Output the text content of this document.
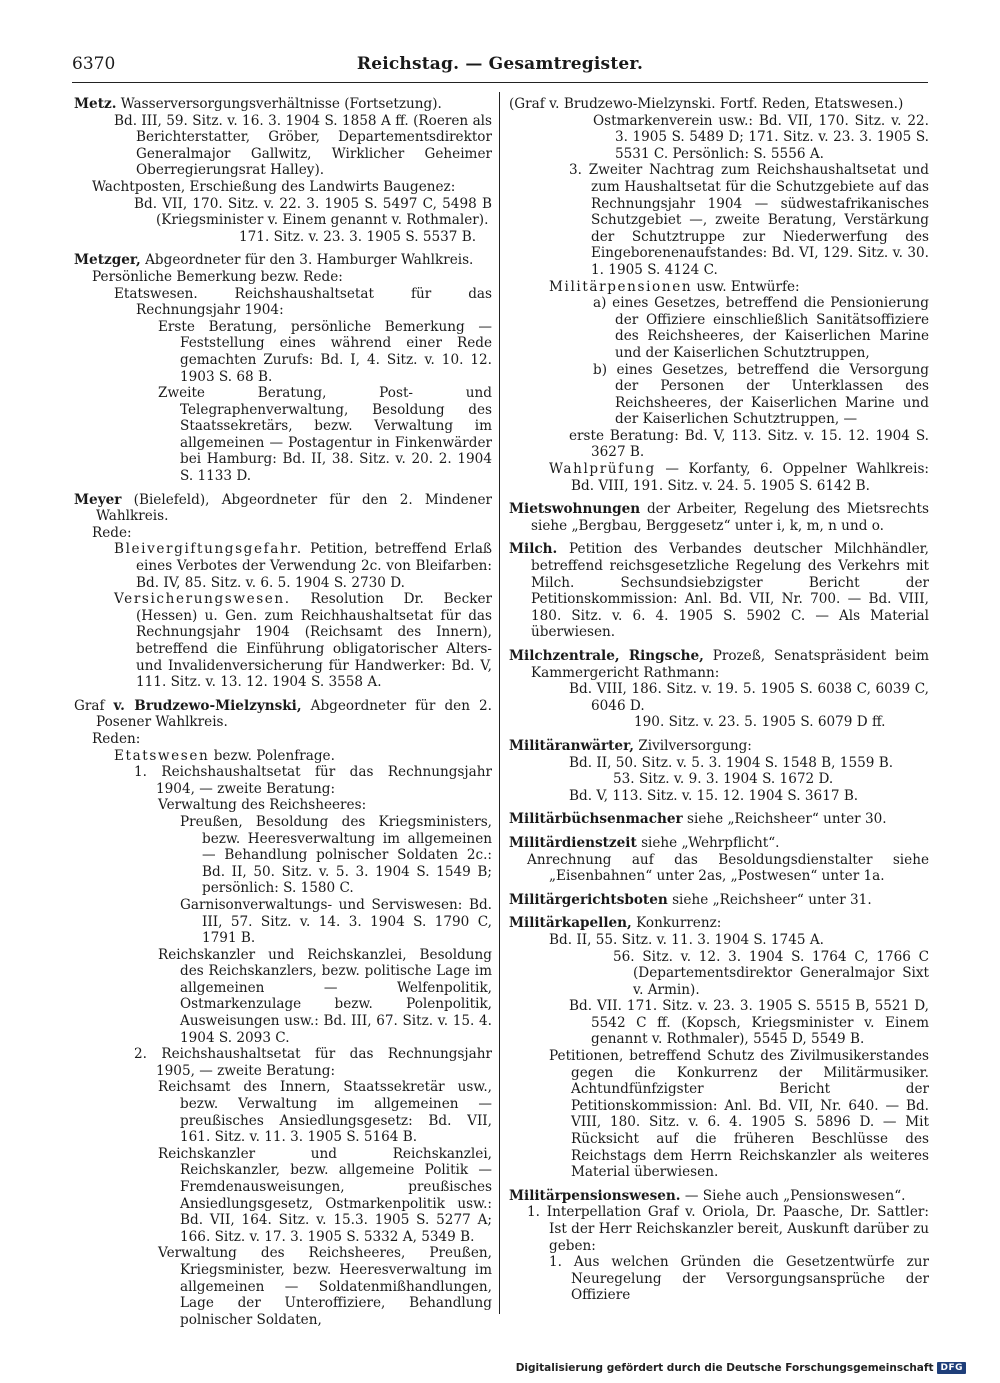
6370	Reichstag. — Gesamtregister.

Metz. Wasserversorgungsverhältnisse (Fortsetzung).

Bd. III, 59. Sitz. v. 16. 3. 1904 S. 1858 A ff. (Roeren als Berichterstatter, Gröber, Departementsdirektor Generalmajor Gallwitz, Wirklicher Geheimer Oberregierungsrat Halley).

Wachtposten, Erschießung des Landwirts Baugenez:

Bd. VII, 170. Sitz. v. 22. 3. 1905 S. 5497 C, 5498 B (Kriegsminister v. Einem genannt v. Rothmaler).

171. Sitz. v. 23. 3. 1905 S. 5537 B.

Metzger, Abgeordneter für den 3. Hamburger Wahlkreis.

Persönliche Bemerkung bezw. Rede:

Etatswesen. Reichshaushaltsetat für das Rechnungsjahr 1904:

Erste Beratung, persönliche Bemerkung — Feststellung eines während einer Rede gemachten Zurufs: Bd. I, 4. Sitz. v. 10. 12. 1903 S. 68 B.

Zweite Beratung, Post- und Telegraphenverwaltung, Besoldung des Staatssekretärs, bezw. Verwaltung im allgemeinen — Postagentur in Finkenwärder bei Hamburg: Bd. II, 38. Sitz. v. 20. 2. 1904 S. 1133 D.

Meyer (Bielefeld), Abgeordneter für den 2. Mindener Wahlkreis.

Rede:

Bleivergiftungsgefahr. Petition, betreffend Erlaß eines Verbotes der Verwendung 2c. von Bleifarben: Bd. IV, 85. Sitz. v. 6. 5. 1904 S. 2730 D.

Versicherungswesen. Resolution Dr. Becker (Hessen) u. Gen. zum Reichhaushaltsetat für das Rechnungsjahr 1904 (Reichsamt des Innern), betreffend die Einführung obligatorischer Alters- und Invalidenversicherung für Handwerker: Bd. V, 111. Sitz. v. 13. 12. 1904 S. 3558 A.

Graf v. Brudzewo-Mielzynski, Abgeordneter für den 2. Posener Wahlkreis.

Reden:

Etatswesen bezw. Polenfrage.

1. Reichshaushaltsetat für das Rechnungsjahr 1904, — zweite Beratung:

Verwaltung des Reichsheeres:

Preußen, Besoldung des Kriegsministers, bezw. Heeresverwaltung im allgemeinen — Behandlung polnischer Soldaten 2c.: Bd. II, 50. Sitz. v. 5. 3. 1904 S. 1549 B; persönlich: S. 1580 C.

Garnisonverwaltungs- und Serviswesen: Bd. III, 57. Sitz. v. 14. 3. 1904 S. 1790 C, 1791 B.

Reichskanzler und Reichskanzlei, Besoldung des Reichskanzlers, bezw. politische Lage im allgemeinen — Welfenpolitik, Ostmarkenzulage bezw. Polenpolitik, Ausweisungen usw.: Bd. III, 67. Sitz. v. 15. 4. 1904 S. 2093 C.

2. Reichshaushaltsetat für das Rechnungsjahr 1905, — zweite Beratung:

Reichsamt des Innern, Staatssekretär usw., bezw. Verwaltung im allgemeinen — preußisches Ansiedlungsgesetz: Bd. VII, 161. Sitz. v. 11. 3. 1905 S. 5164 B.

Reichskanzler und Reichskanzlei, Reichskanzler, bezw. allgemeine Politik — Fremdenausweisungen, preußisches Ansiedlungsgesetz, Ostmarkenpolitik usw.: Bd. VII, 164. Sitz. v. 15.3. 1905 S. 5277 A; 166. Sitz. v. 17. 3. 1905 S. 5332 A, 5349 B.

Verwaltung des Reichsheeres, Preußen, Kriegsminister, bezw. Heeresverwaltung im allgemeinen — Soldatenmißhandlungen, Lage der Unteroffiziere, Behandlung polnischer Soldaten,

(Graf v. Brudzewo-Mielzynski. Fortf. Reden, Etatswesen.)

Ostmarkenverein usw.: Bd. VII, 170. Sitz. v. 22. 3. 1905 S. 5489 D; 171. Sitz. v. 23. 3. 1905 S. 5531 C. Persönlich: S. 5556 A.

3. Zweiter Nachtrag zum Reichshaushaltsetat und zum Haushaltsetat für die Schutzgebiete auf das Rechnungsjahr 1904 — südwestafrikanisches Schutzgebiet —, zweite Beratung, Verstärkung der Schutztruppe zur Niederwerfung des Eingeborenenaufstandes: Bd. VI, 129. Sitz. v. 30. 1. 1905 S. 4124 C.

Militärpensionen usw. Entwürfe:

a) eines Gesetzes, betreffend die Pensionierung der Offiziere einschließlich Sanitätsoffiziere des Reichsheeres, der Kaiserlichen Marine und der Kaiserlichen Schutztruppen,

b) eines Gesetzes, betreffend die Versorgung der Personen der Unterklassen des Reichsheeres, der Kaiserlichen Marine und der Kaiserlichen Schutztruppen, —

erste Beratung: Bd. V, 113. Sitz. v. 15. 12. 1904 S. 3627 B.

Wahlprüfung — Korfanty, 6. Oppelner Wahlkreis: Bd. VIII, 191. Sitz. v. 24. 5. 1905 S. 6142 B.

Mietswohnungen der Arbeiter, Regelung des Mietsrechts siehe „Bergbau, Berggesetz“ unter i, k, m, n und o.

Milch. Petition des Verbandes deutscher Milchhändler, betreffend reichsgesetzliche Regelung des Verkehrs mit Milch. Sechsundsiebzigster Bericht der Petitionskommission: Anl. Bd. VII, Nr. 700. — Bd. VIII, 180. Sitz. v. 6. 4. 1905 S. 5902 C. — Als Material überwiesen.

Milchzentrale, Ringsche, Prozeß, Senatspräsident beim Kammergericht Rathmann:

Bd. VIII, 186. Sitz. v. 19. 5. 1905 S. 6038 C, 6039 C, 6046 D.

190. Sitz. v. 23. 5. 1905 S. 6079 D ff.

Militäranwärter, Zivilversorgung:

Bd. II, 50. Sitz. v. 5. 3. 1904 S. 1548 B, 1559 B.

53. Sitz. v. 9. 3. 1904 S. 1672 D.

Bd. V, 113. Sitz. v. 15. 12. 1904 S. 3617 B.

Militärbüchsenmacher siehe „Reichsheer“ unter 30.

Militärdienstzeit siehe „Wehrpflicht“.

Anrechnung auf das Besoldungsdienstalter siehe „Eisenbahnen“ unter 2as, „Postwesen“ unter 1a.

Militärgerichtsboten siehe „Reichsheer“ unter 31.

Militärkapellen, Konkurrenz:

Bd. II, 55. Sitz. v. 11. 3. 1904 S. 1745 A.

56. Sitz. v. 12. 3. 1904 S. 1764 C, 1766 C (Departementsdirektor Generalmajor Sixt v. Armin).

Bd. VII. 171. Sitz. v. 23. 3. 1905 S. 5515 B, 5521 D, 5542 C ff. (Kopsch, Kriegsminister v. Einem genannt v. Rothmaler), 5545 D, 5549 B.

Petitionen, betreffend Schutz des Zivilmusikerstandes gegen die Konkurrenz der Militärmusiker. Achtundfünfzigster Bericht der Petitionskommission: Anl. Bd. VII, Nr. 640. — Bd. VIII, 180. Sitz. v. 6. 4. 1905 S. 5896 D. — Mit Rücksicht auf die früheren Beschlüsse des Reichstags dem Herrn Reichskanzler als weiteres Material überwiesen.

Militärpensionswesen. — Siehe auch „Pensionswesen“.

1. Interpellation Graf v. Oriola, Dr. Paasche, Dr. Sattler: Ist der Herr Reichskanzler bereit, Auskunft darüber zu geben:

1. Aus welchen Gründen die Gesetzentwürfe zur Neuregelung der Versorgungsansprüche der Offiziere

Digitalisierung gefördert durch die Deutsche Forschungsgemeinschaft DFG
